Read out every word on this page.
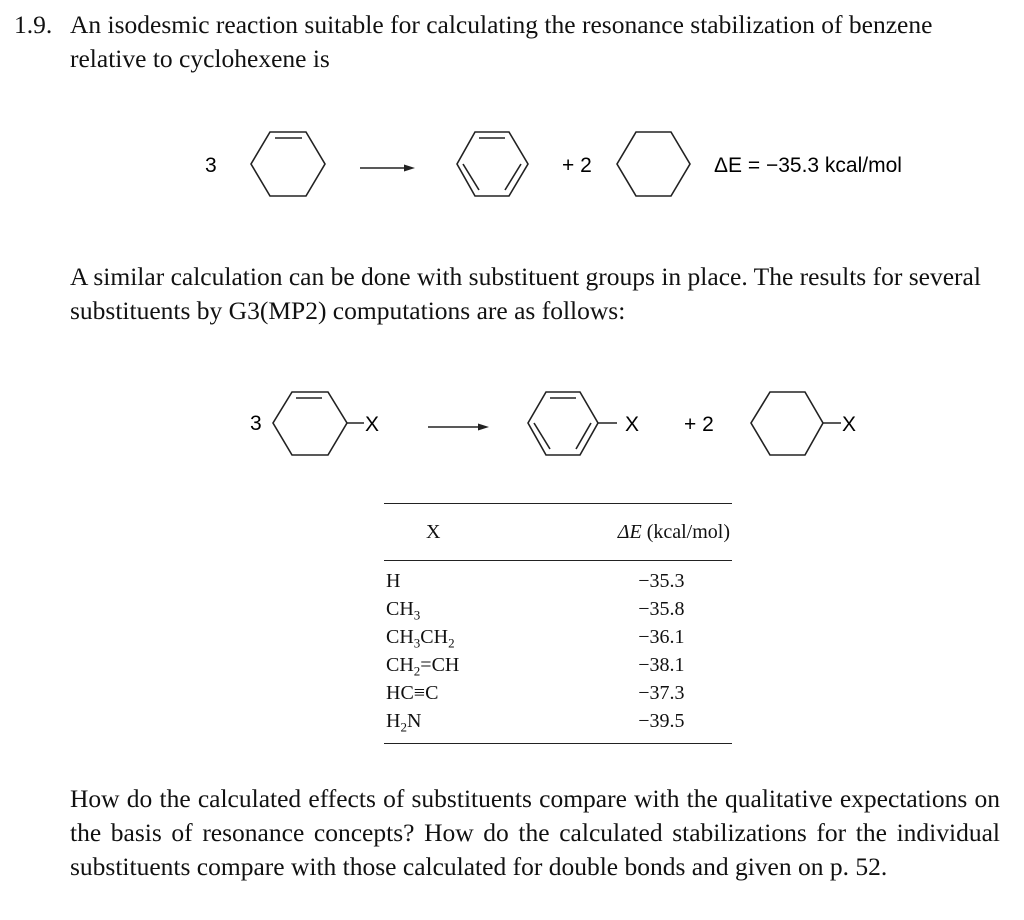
1.9. An isodesmic reaction suitable for calculating the resonance stabilization of benzene relative to cyclohexene is
3	+ 2	ΔE = −35.3 kcal/mol
A similar calculation can be done with substituent groups in place. The results for several substituents by G3(MP2) computations are as follows:
3	X	X + 2	X
X	ΔE (kcal/mol)
H	−35.3
$CH_3$	−35.8
$CH_3CH_2$	−36.1
$CH_2=CH$	−38.1
HC≡C	−37.3
$H_2N$	−39.5
How do the calculated effects of substituents compare with the qualitative expectations on the basis of resonance concepts? How do the calculated stabilizations for the individual substituents compare with those calculated for double bonds and given on p. 52.
